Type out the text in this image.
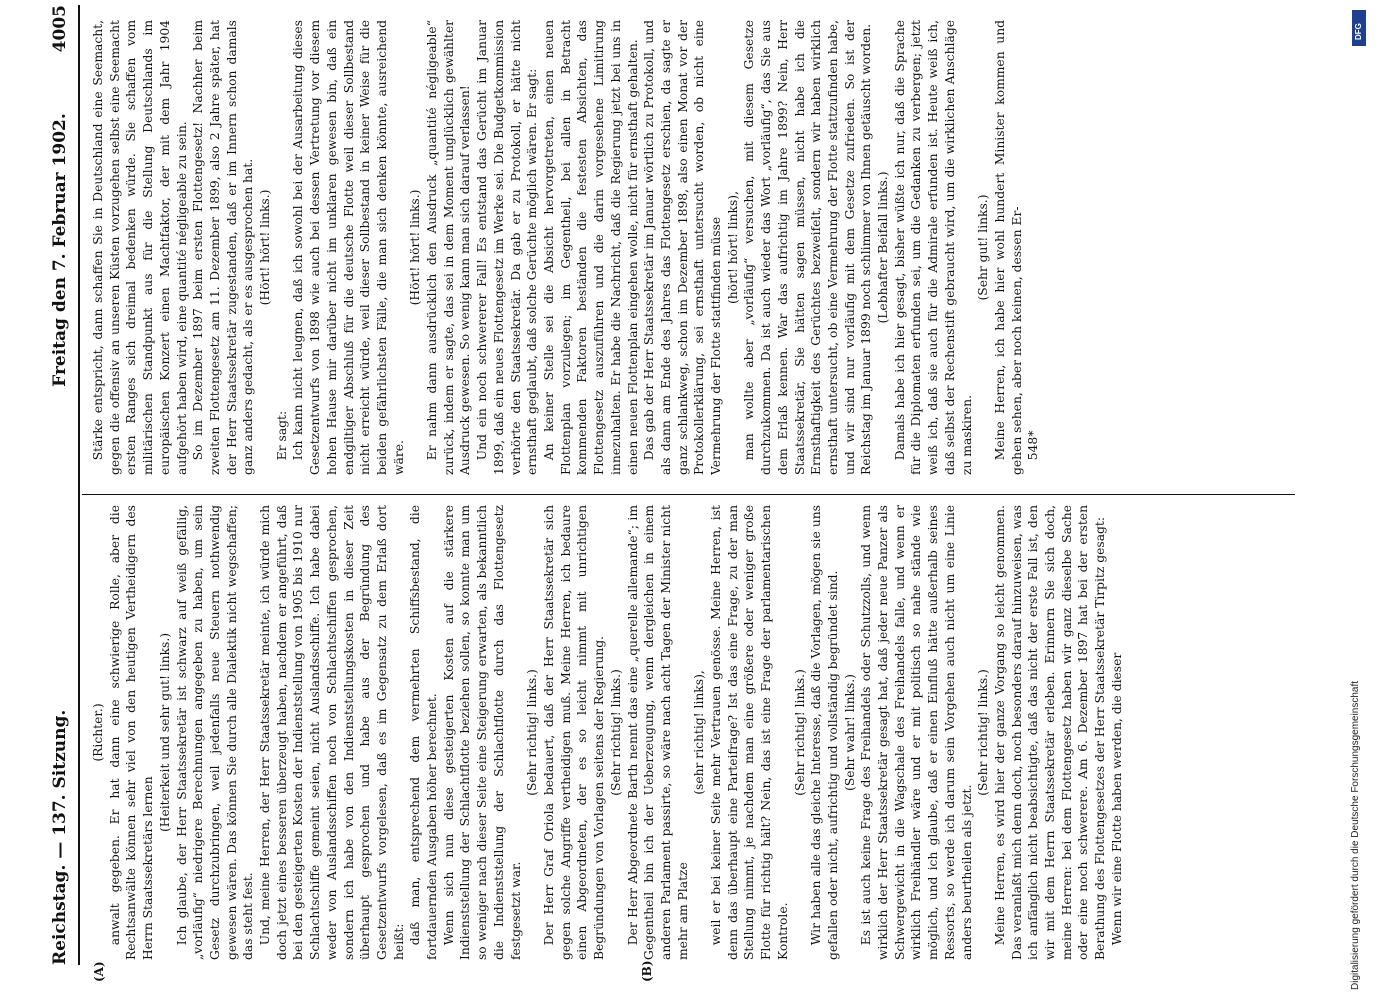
Reichstag. — 137. Sitzung.
Freitag den 7. Februar 1902.
4005
(A)	(B)

(Richter.) anwalt gegeben. Er hat dann eine schwierige Rolle, aber die Rechtsanwälte können sehr viel von den heutigen Vertheidigern des Herrn Staatssekretärs lernen

(Heiterkeit und sehr gut! links.) Ich glaube, der Herr Staatssekretär ist schwarz auf weiß gefällig, „vorläufig“ niedrigere Berechnungen angegeben zu haben, um sein Gesetz durchzubringen, weil jedenfalls neue Steuern nothwendig gewesen wären. Das können Sie durch alle Dialektik nicht wegschaffen; das steht fest. Und, meine Herren, der Herr Staatssekretär meinte, ich würde mich doch jetzt eines besseren überzeugt haben, nachdem er angeführt, daß bei den gesteigerten Kosten der Indienststellung von 1905 bis 1910 nur Schlachtschiffe gemeint seien, nicht Auslandsschiffe. Ich habe dabei weder von Auslandsschiffen noch von Schlachtschiffen gesprochen, sondern ich habe von den Indienststellungskosten in dieser Zeit überhaupt gesprochen und habe aus der Begründung des Gesetzentwurfs vorgelesen, daß es im Gegensatz zu dem Erlaß dort heißt: daß man, entsprechend dem vermehrten Schiffsbestand, die fortdauernden Ausgaben höher berechnet. Wenn sich nun diese gesteigerten Kosten auf die stärkere Indienststellung der Schlachtflotte beziehen sollen, so konnte man um so weniger nach dieser Seite eine Steigerung erwarten, als bekanntlich die Indienststellung der Schlachtflotte durch das Flottengesetz festgesetzt war.

(Sehr richtig! links.) Der Herr Graf Oriola bedauert, daß der Herr Staatssekretär sich gegen solche Angriffe vertheidigen muß. Meine Herren, ich bedaure einen Abgeordneten, der es so leicht nimmt mit unrichtigen Begründungen von Vorlagen seitens der Regierung. (Sehr richtig! links.) Der Herr Abgeordnete Barth nennt das eine „querelle allemande“; im Gegentheil bin ich der Ueberzeugung, wenn dergleichen in einem anderen Parlament passirte, so wäre nach acht Tagen der Minister nicht mehr am Platze

(sehr richtig! links), weil er bei keiner Seite mehr Vertrauen genösse. Meine Herren, ist denn das überhaupt eine Parteifrage? Ist das eine Frage, zu der man Stellung nimmt, je nachdem man eine größere oder weniger große Flotte für richtig hält? Nein, das ist eine Frage der parlamentarischen Kontrole.

(Sehr richtig! links.) Wir haben alle das gleiche Interesse, daß die Vorlagen, mögen sie uns gefallen oder nicht, aufrichtig und vollständig begründet sind. (Sehr wahr! links.) Es ist auch keine Frage des Freihandels oder Schutzzolls, und wenn wirklich der Herr Staatssekretär gesagt hat, daß jeder neue Panzer als Schwergewicht in die Wagschale des Freihandels falle, und wenn er wirklich Freihändler wäre und er mit politisch so nahe stände wie möglich, und ich glaube, daß er einen Einfluß hätte außerhalb seines Ressorts, so werde ich darum sein Vorgehen auch nicht um eine Linie anders beurtheilen als jetzt.

(Sehr richtig! links.) Meine Herren, es wird hier der ganze Vorgang so leicht genommen. Das veranlaßt mich denn doch, noch besonders darauf hinzuweisen, was ich anfänglich nicht beabsichtigte, daß das nicht der erste Fall ist, den wir mit dem Herrn Staatssekretär erleben. Erinnern Sie sich doch, meine Herren: bei dem Flottengesetz haben wir ganz dieselbe Sache oder eine noch schwerere. Am 6. Dezember 1897 hat bei der ersten Berathung des Flottengesetzes der Herr Staatssekretär Tirpitz gesagt: Wenn wir eine Flotte haben werden, die dieser

Stärke entspricht, dann schaffen Sie in Deutschland eine Seemacht, gegen die offensiv an unseren Küsten vorzugehen selbst eine Seemacht ersten Ranges sich dreimal bedenken würde. Sie schaffen vom militärischen Standpunkt aus für die Stellung Deutschlands im europäischen Konzert einen Machtfaktor, der mit dem Jahr 1904 aufgehört haben wird, eine quantité négligeable zu sein. So im Dezember 1897 beim ersten Flottengesetz! Nachher beim zweiten Flottengesetz am 11. Dezember 1899, also 2 Jahre später, hat der Herr Staatssekretär zugestanden, daß er im Innern schon damals ganz anders gedacht, als er es ausgesprochen hat. (Hört! hört! links.)

Er sagt: Ich kann nicht leugnen, daß ich sowohl bei der Ausarbeitung dieses Gesetzentwurfs von 1898 wie auch bei dessen Vertretung vor diesem hohen Hause mir darüber nicht im unklaren gewesen bin, daß ein endgiltiger Abschluß für die deutsche Flotte weil dieser Sollbestand nicht erreicht würde, weil dieser Sollbestand in keiner Weise für die beiden gefährlichsten Fälle, die man sich denken könnte, ausreichend wäre.

(Hört! hört! links.) Er nahm dann ausdrücklich den Ausdruck „quantité négligeable“ zurück, indem er sagte, das sei in dem Moment unglücklich gewählter Ausdruck gewesen. So wenig kann man sich darauf verlassen! Und ein noch schwererer Fall! Es entstand das Gerücht im Januar 1899, daß ein neues Flottengesetz im Werke sei. Die Budgetkommission verhörte den Staatssekretär. Da gab er zu Protokoll, er hätte nicht ernsthaft geglaubt, daß solche Gerüchte möglich wären. Er sagt: An keiner Stelle sei die Absicht hervorgetreten, einen neuen Flottenplan vorzulegen; im Gegentheil, bei allen in Betracht kommenden Faktoren beständen die festesten Absichten, das Flottengesetz auszuführen und die darin vorgesehene Limitirung innezuhalten. Er habe die Nachricht, daß die Regierung jetzt bei uns in einen neuen Flottenplan eingehen wolle, nicht für ernsthaft gehalten. Das gab der Herr Staatssekretär im Januar wörtlich zu Protokoll, und als dann am Ende des Jahres das Flottengesetz erschien, da sagte er ganz schlankweg, schon im Dezember 1898, also einen Monat vor der Protokollerklärung, sei ernsthaft untersucht worden, ob nicht eine Vermehrung der Flotte stattfinden müsse (hört! hört! links), man wollte aber „vorläufig“ versuchen, mit diesem Gesetze durchzukommen. Da ist auch wieder das Wort „vorläufig“, das Sie aus dem Erlaß kennen. War das aufrichtig im Jahre 1899? Nein, Herr Staatssekretär, Sie hätten sagen müssen, nicht habe ich die Ernsthaftigkeit des Gerüchtes bezweifelt, sondern wir haben wirklich ernsthaft untersucht, ob eine Vermehrung der Flotte stattzufinden habe, und wir sind nur vorläufig mit dem Gesetze zufrieden. So ist der Reichstag im Januar 1899 noch schlimmer von Ihnen getäuscht worden. (Lebhafter Beifall links.) Damals habe ich hier gesagt, bisher wüßte ich nur, daß die Sprache für die Diplomaten erfunden sei, um die Gedanken zu verbergen; jetzt weiß ich, daß sie auch für die Admirale erfunden ist. Heute weiß ich, daß selbst der Rechenstift gebraucht wird, um die wirklichen Anschläge zu maskiren.

(Sehr gut! links.) Meine Herren, ich habe hier wohl hundert Minister kommen und gehen sehen, aber noch keinen, dessen Er- 548*

Digitalisierung gefördert durch die Deutsche Forschungsgemeinschaft
DFG
